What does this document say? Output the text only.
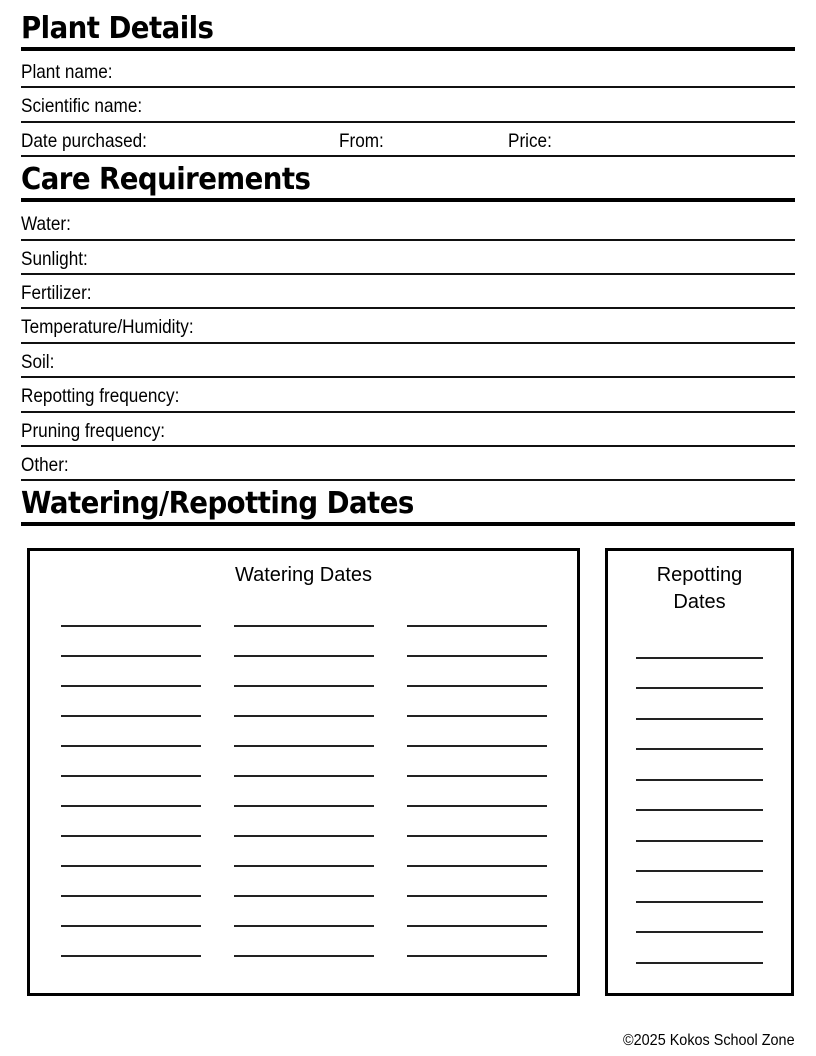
Plant Details
Plant name:
Scientific name:
Date purchased:	From:	Price:
Care Requirements
Water:
Sunlight:
Fertilizer:
Temperature/Humidity:
Soil:
Repotting frequency:
Pruning frequency:
Other:
Watering/Repotting Dates
Watering Dates	Repotting
Dates
©2025 Kokos School Zone
